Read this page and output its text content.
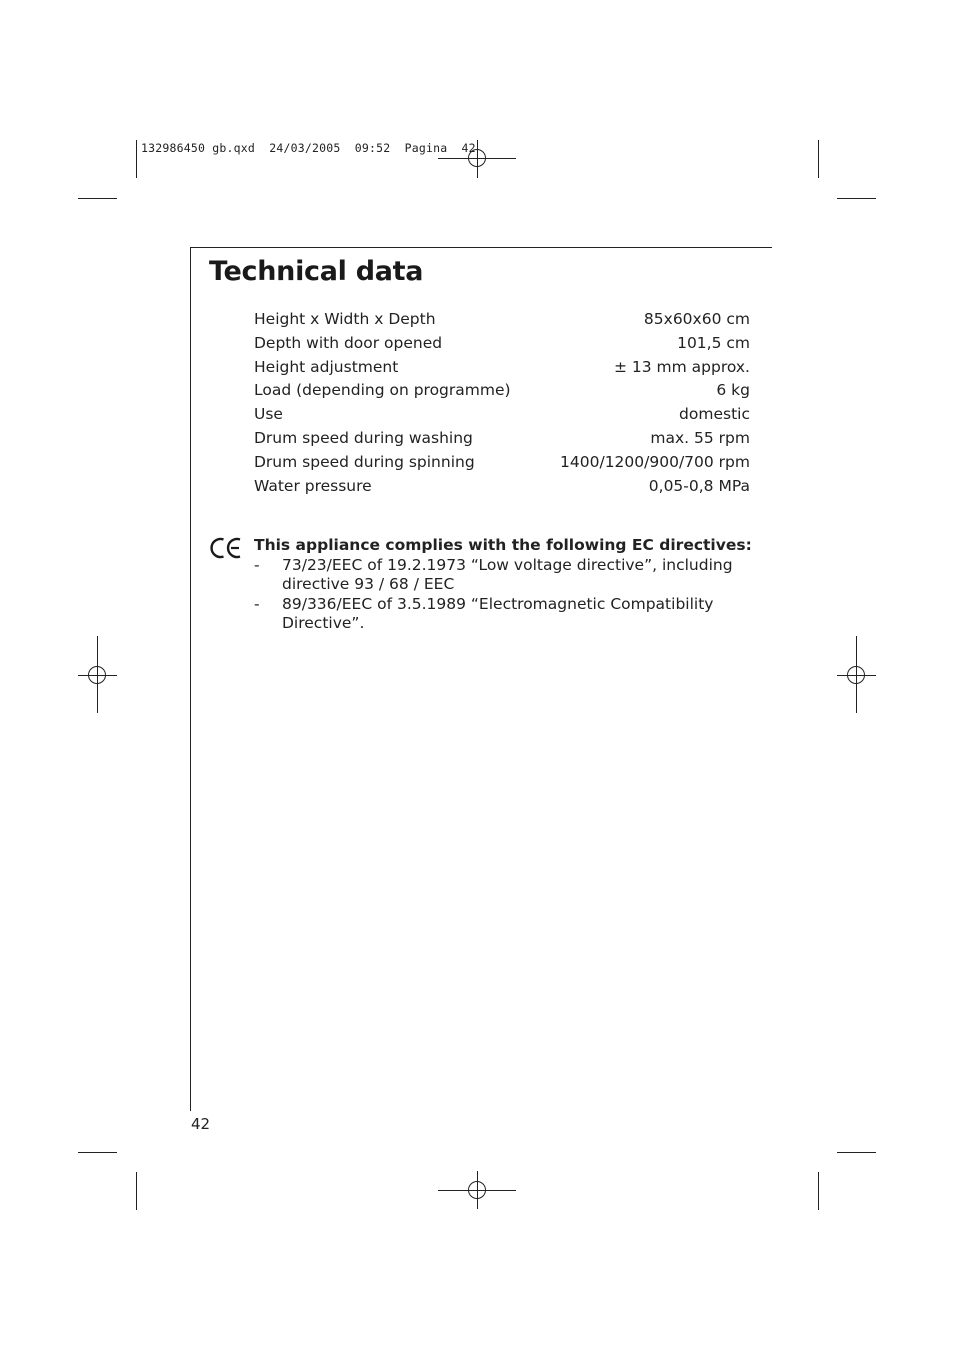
132986450 gb.qxd  24/03/2005  09:52  Pagina  42
Technical data
Height x Width x Depth	85x60x60 cm
Depth with door opened	101,5 cm
Height adjustment	± 13 mm approx.
Load (depending on programme)	6 kg
Use	domestic
Drum speed during washing	max. 55 rpm
Drum speed during spinning	1400/1200/900/700 rpm
Water pressure	0,05-0,8 MPa
This appliance complies with the following EC directives:
-	73/23/EEC of 19.2.1973 “Low voltage directive”, including directive 93 / 68 / EEC
-	89/336/EEC of 3.5.1989 “Electromagnetic Compatibility Directive”.
42
